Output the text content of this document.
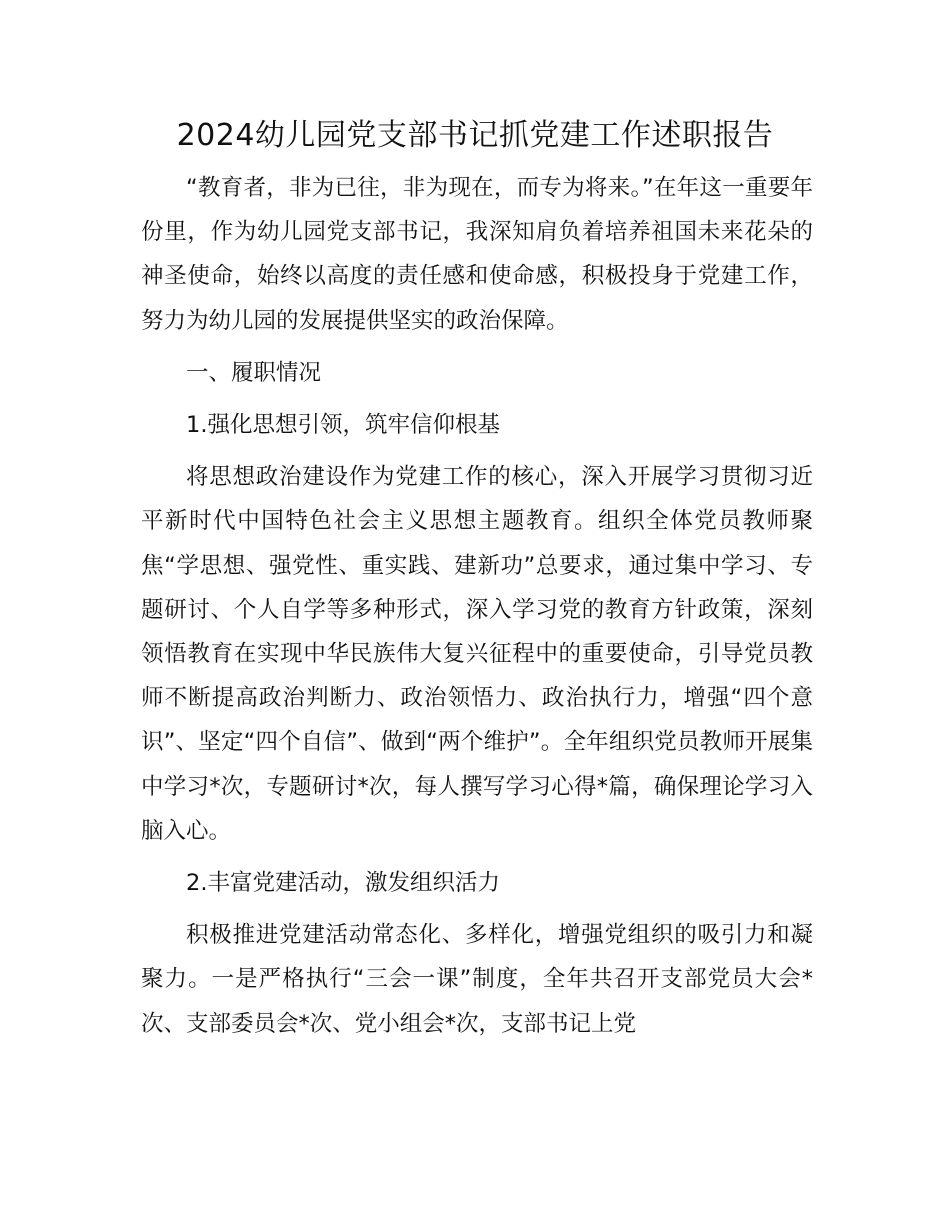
2024幼儿园党支部书记抓党建工作述职报告

“教育者，非为已往，非为现在，而专为将来。”在年这一重要年份里，作为幼儿园党支部书记，我深知肩负着培养祖国未来花朵的神圣使命，始终以高度的责任感和使命感，积极投身于党建工作，努力为幼儿园的发展提供坚实的政治保障。

一、履职情况

1.强化思想引领，筑牢信仰根基

将思想政治建设作为党建工作的核心，深入开展学习贯彻习近平新时代中国特色社会主义思想主题教育。组织全体党员教师聚焦“学思想、强党性、重实践、建新功”总要求，通过集中学习、专题研讨、个人自学等多种形式，深入学习党的教育方针政策，深刻领悟教育在实现中华民族伟大复兴征程中的重要使命，引导党员教师不断提高政治判断力、政治领悟力、政治执行力，增强“四个意识”、坚定“四个自信”、做到“两个维护”。全年组织党员教师开展集中学习*次，专题研讨*次，每人撰写学习心得*篇，确保理论学习入脑入心。

2.丰富党建活动，激发组织活力

积极推进党建活动常态化、多样化，增强党组织的吸引力和凝聚力。一是严格执行“三会一课”制度，全年共召开支部党员大会*次、支部委员会*次、党小组会*次，支部书记上党
